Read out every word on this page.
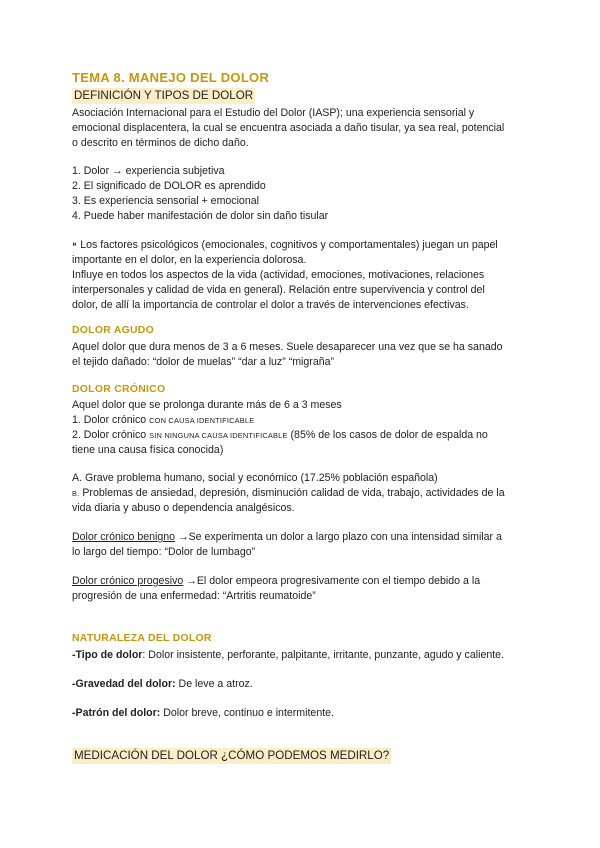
TEMA 8. MANEJO DEL DOLOR
DEFINICIÓN Y TIPOS DE DOLOR

Asociación Internacional para el Estudio del Dolor (IASP); una experiencia sensorial y
emocional displacentera, la cual se encuentra asociada a daño tisular, ya sea real, potencial
o descrito en términos de dicho daño.

1. Dolor → experiencia subjetiva
2. El significado de DOLOR es aprendido
3. Es experiencia sensorial + emocional
4. Puede haber manifestación de dolor sin daño tisular

⁍ Los factores psicológicos (emocionales, cognitivos y comportamentales) juegan un papel
importante en el dolor, en la experiencia dolorosa.
Influye en todos los aspectos de la vida (actividad, emociones, motivaciones, relaciones
interpersonales y calidad de vida en general). Relación entre supervivencia y control del
dolor, de allí la importancia de controlar el dolor a través de intervenciones efectivas.

DOLOR AGUDO

Aquel dolor que dura menos de 3 a 6 meses. Suele desaparecer una vez que se ha sanado
el tejido dañado: “dolor de muelas” “dar a luz” “migraña”

DOLOR CRÓNICO

Aquel dolor que se prolonga durante más de 6 a 3 meses
1. Dolor crónico CON CAUSA IDENTIFICABLE
2. Dolor crónico SIN NINGUNA CAUSA IDENTIFICABLE (85% de los casos de dolor de espalda no
tiene una causa física conocida)

A. Grave problema humano, social y económico (17.25% población española)
B. Problemas de ansiedad, depresión, disminución calidad de vida, trabajo, actividades de la
vida diaria y abuso o dependencia analgésicos.

Dolor crónico benigno →Se experimenta un dolor a largo plazo con una intensidad similar a
lo largo del tiempo: “Dolor de lumbago”

Dolor crónico progesivo →El dolor empeora progresivamente con el tiempo debido a la
progresión de una enfermedad: “Artritis reumatoide”

NATURALEZA DEL DOLOR

-Tipo de dolor: Dolor insistente, perforante, palpitante, irritante, punzante, agudo y caliente.

-Gravedad del dolor: De leve a atroz.

-Patrón del dolor: Dolor breve, continuo e intermitente.

MEDICACIÓN DEL DOLOR ¿CÓMO PODEMOS MEDIRLO?
